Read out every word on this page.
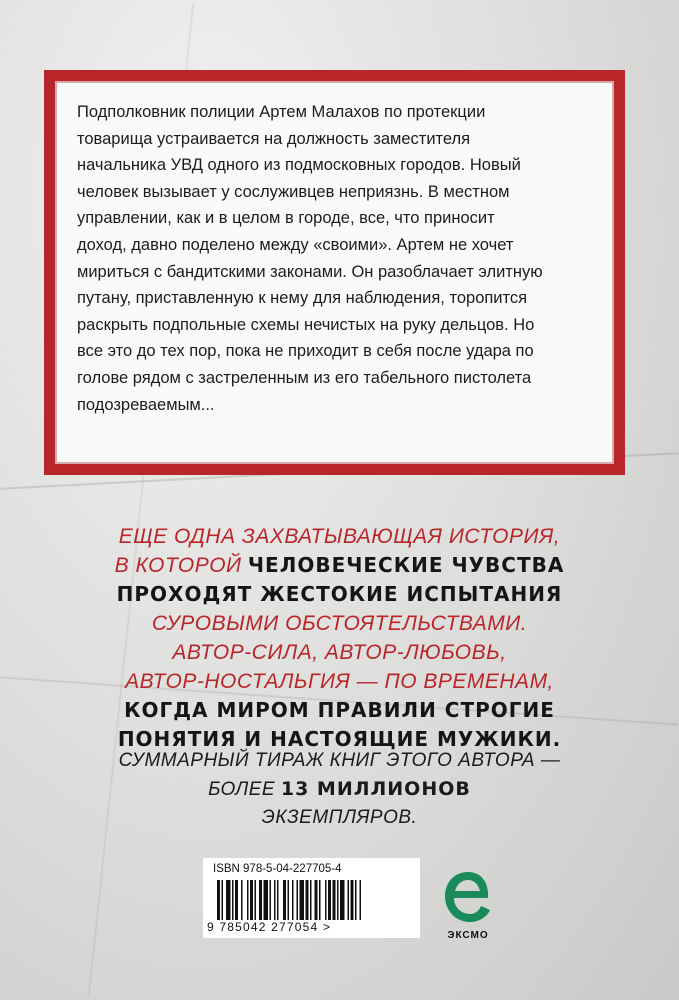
Подполковник полиции Артем Малахов по протекции
товарища устраивается на должность заместителя
начальника УВД одного из подмосковных городов. Новый
человек вызывает у сослуживцев неприязнь. В местном
управлении, как и в целом в городе, все, что приносит
доход, давно поделено между «своими». Артем не хочет
мириться с бандитскими законами. Он разоблачает элитную
путану, приставленную к нему для наблюдения, торопится
раскрыть подпольные схемы нечистых на руку дельцов. Но
все это до тех пор, пока не приходит в себя после удара по
голове рядом с застреленным из его табельного пистолета
подозреваемым...

ЕЩЕ ОДНА ЗАХВАТЫВАЮЩАЯ ИСТОРИЯ,
В КОТОРОЙ ЧЕЛОВЕЧЕСКИЕ ЧУВСТВА
ПРОХОДЯТ ЖЕСТОКИЕ ИСПЫТАНИЯ
СУРОВЫМИ ОБСТОЯТЕЛЬСТВАМИ.
АВТОР-СИЛА, АВТОР-ЛЮБОВЬ,
АВТОР-НОСТАЛЬГИЯ — ПО ВРЕМЕНАМ,
КОГДА МИРОМ ПРАВИЛИ СТРОГИЕ
ПОНЯТИЯ И НАСТОЯЩИЕ МУЖИКИ.
СУММАРНЫЙ ТИРАЖ КНИГ ЭТОГО АВТОРА —
БОЛЕЕ 13 МИЛЛИОНОВ
ЭКЗЕМПЛЯРОВ.
ISBN 978-5-04-227705-4
9 785042 277054 >
ЭКСМО
